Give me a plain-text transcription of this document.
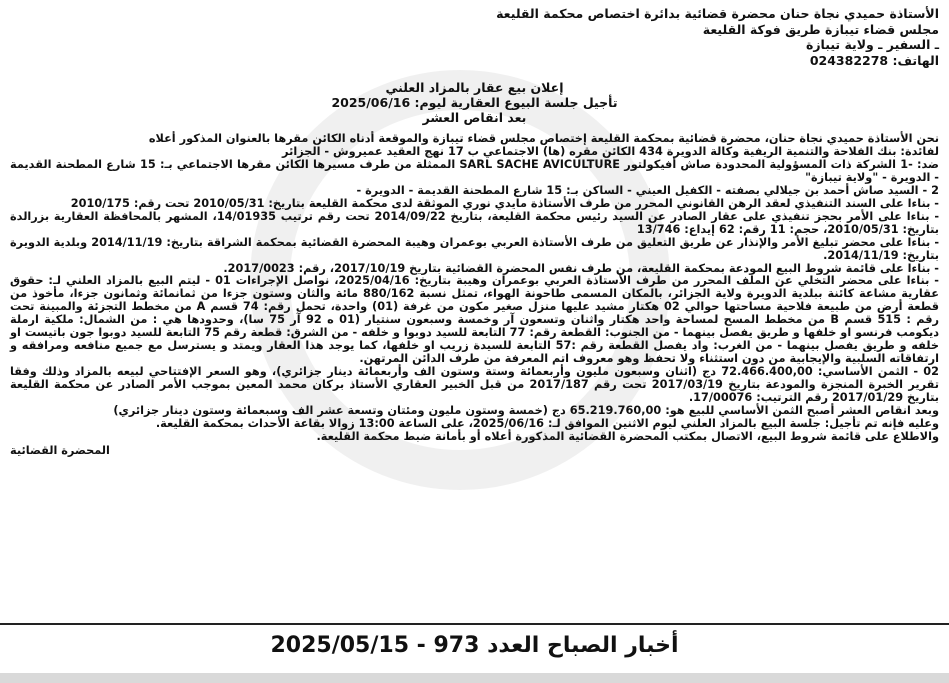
الأستاذة حميدي نجاة حنان محضرة قضائية بدائرة اختصاص محكمة القليعة
مجلس قضاء تيبازة طريق فوكة القليعة
ـ السفير ـ ولاية تيبازة
الهاتف: 024382278
إعلان بيع عقار بالمزاد العلني
تأجيل جلسة البيوع العقارية ليوم: 2025/06/16
بعد انقاص العشر

نحن الأستاذة حميدي نجاة حنان، محضرة قضائية بمحكمة القليعة إختصاص مجلس قضاء تيبازة والموقعة أدناه الكائن مقرها بالعنوان المذكور أعلاه

لفائدة: بنك الفلاحة والتنمية الريفية وكالة الدويرة 434 الكائن مقره (ها) الاجتماعي ب 17 نهج العقيد عميروش - الجزائر

ضد: -1 الشركة ذات المسؤولية المحدودة صاش أفيكولتور SARL SACHE AVICULTURE الممثلة من طرف مسيرها الكائن مقرها الاجتماعي بـ: 15 شارع المطحنة القديمة - الدويرة - "ولاية تيبازة"

2 - السيد صاش أحمد بن جيلالي بصفته - الكفيل العيني - الساكن بـ: 15 شارع المطحنة القديمة - الدويرة -

- بناءا على السند التنفيذي لعقد الرهن القانوني المحرر من طرف الأستاذة مايدي نوري الموثقة لدى محكمة القليعة بتاريخ: 2010/05/31 تحت رقم: 2010/175

- بناءا على الأمر بحجز تنفيذي على عقار الصادر عن السيد رئيس محكمة القليعة، بتاريخ 2014/09/22 تحت رقم ترتيب 14/01935، المشهر بالمحافظة العقارية بزرالدة بتاريخ: 2010/05/31، حجم: 11 رقم: 62 إيداع: 13/746

- بناءا على محضر تبليغ الأمر والإنذار عن طريق التعليق من طرف الأستاذة العربي بوعمران وهيبة المحضرة القضائية بمحكمة الشراقة بتاريخ: 2014/11/19 وبلدية الدويرة بتاريخ: 2014/11/19.

- بناءا على قائمة شروط البيع المودعة بمحكمة القليعة، من طرف نفس المحضرة القضائية بتاريخ 2017/10/19، رقم: 2017/0023.

- بناءا على محضر التخلي عن الملف المحرر من طرف الأستاذة العربي بوعمران وهيبة بتاريخ: 2025/04/16، نواصل الإجراءات 01 - ليتم البيع بالمزاد العلني لـ: حقوق عقارية مشاعة كائنة ببلدية الدويرة ولاية الجزائر، بالمكان المسمى طاحونة الهواء، تمثل نسبة 880/162 مائة والثان وستون جزءا من ثمانمائة وثمانون جزءا، مأخوذ من قطعة أرض من طبيعة فلاحية مساحتها حوالي 02 هكتار مشيد عليها منزل صغير مكون من غرفة (01) واحدة، تحمل رقم: 74 قسم A من مخطط التجزئة والمبينة تحت رقم : 515 قسم B من مخطط المسح لمساحة واحد هكتار واثنان وتسعون آر وخمسة وسبعون سنتيار (01 ه 92 آر 75 سا)، وحدودها هي : من الشمال: ملكية ارملة ديكومب فرنسو او خلفها و طريق يفصل بينهما - من الجنوب: القطعة رقم: 77 التابعة للسيد دوبوا و خلفه - من الشرق: قطعة رقم 75 التابعة للسيد دوبوا جون باتيست او خلفه و طريق يفصل بينهما - من الغرب: واد يفصل القطعة رقم :57 التابعة للسيدة زريب او خلفها، كما يوجد هذا العقار ويمتد و يسترسل مع جميع منافعه ومرافقه و ارتفاقاته السلبية والإيجابية من دون استثناء ولا تحفظ وهو معروف اتم المعرفة من طرف الدائن المرتهن.

02 - الثمن الأساسي: 72.466.400,00 دج (اثنان وسبعون مليون وأربعمائة وستة وستون الف وأربعمائة دينار جزائري)، وهو السعر الإفتتاحي لبيعه بالمزاد وذلك وفقا تقرير الخبرة المنجزة والمودعة بتاريخ 2017/03/19 تحت رقم 2017/187 من قبل الخبير العقاري الأستاذ بركان محمد المعين بموجب الأمر الصادر عن محكمة القليعة بتاريخ 2017/01/29 رقم الترتيب: 17/00076.

وبعد انقاص العشر أصبح الثمن الأساسي للبيع هو: 65.219.760,00 دج (خمسة وستون مليون ومئتان وتسعة عشر الف وسبعمائة وستون دينار جزائري)

وعليه فإنه تم تأجيل: جلسة البيع بالمزاد العلني ليوم الاثنين الموافق لـ: 2025/06/16، على الساعة 13:00 زوالا بقاعة الأحداث بمحكمة القليعة.

والاطلاع على قائمة شروط البيع، الاتصال بمكتب المحضرة القضائية المذكورة أعلاه أو بأمانة ضبط محكمة القليعة.

المحضرة القضائية
أخبار الصباح العدد 973 - 2025/05/15
